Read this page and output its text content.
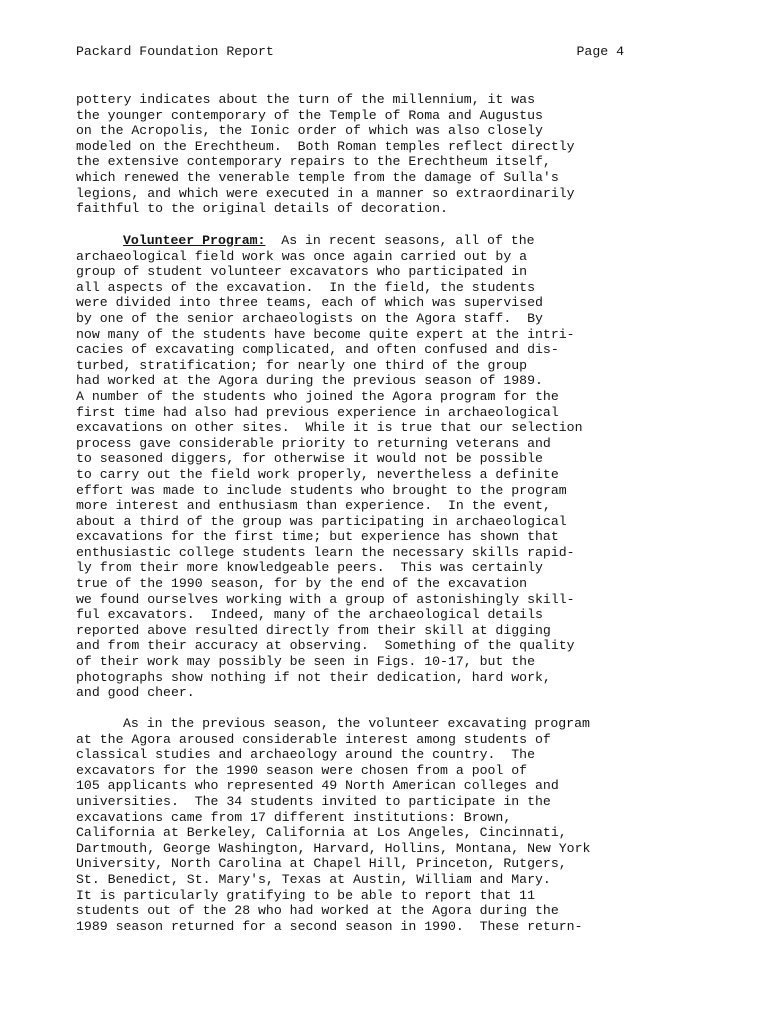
Packard Foundation Report	Page 4
pottery indicates about the turn of the millennium, it was
the younger contemporary of the Temple of Roma and Augustus
on the Acropolis, the Ionic order of which was also closely
modeled on the Erechtheum.  Both Roman temples reflect directly
the extensive contemporary repairs to the Erechtheum itself,
which renewed the venerable temple from the damage of Sulla's
legions, and which were executed in a manner so extraordinarily
faithful to the original details of decoration.
Volunteer Program:  As in recent seasons, all of the
archaeological field work was once again carried out by a
group of student volunteer excavators who participated in
all aspects of the excavation.  In the field, the students
were divided into three teams, each of which was supervised
by one of the senior archaeologists on the Agora staff.  By
now many of the students have become quite expert at the intri-
cacies of excavating complicated, and often confused and dis-
turbed, stratification; for nearly one third of the group
had worked at the Agora during the previous season of 1989.
A number of the students who joined the Agora program for the
first time had also had previous experience in archaeological
excavations on other sites.  While it is true that our selection
process gave considerable priority to returning veterans and
to seasoned diggers, for otherwise it would not be possible
to carry out the field work properly, nevertheless a definite
effort was made to include students who brought to the program
more interest and enthusiasm than experience.  In the event,
about a third of the group was participating in archaeological
excavations for the first time; but experience has shown that
enthusiastic college students learn the necessary skills rapid-
ly from their more knowledgeable peers.  This was certainly
true of the 1990 season, for by the end of the excavation
we found ourselves working with a group of astonishingly skill-
ful excavators.  Indeed, many of the archaeological details
reported above resulted directly from their skill at digging
and from their accuracy at observing.  Something of the quality
of their work may possibly be seen in Figs. 10-17, but the
photographs show nothing if not their dedication, hard work,
and good cheer.
As in the previous season, the volunteer excavating program
at the Agora aroused considerable interest among students of
classical studies and archaeology around the country.  The
excavators for the 1990 season were chosen from a pool of
105 applicants who represented 49 North American colleges and
universities.  The 34 students invited to participate in the
excavations came from 17 different institutions: Brown,
California at Berkeley, California at Los Angeles, Cincinnati,
Dartmouth, George Washington, Harvard, Hollins, Montana, New York
University, North Carolina at Chapel Hill, Princeton, Rutgers,
St. Benedict, St. Mary's, Texas at Austin, William and Mary.
It is particularly gratifying to be able to report that 11
students out of the 28 who had worked at the Agora during the
1989 season returned for a second season in 1990.  These return-
